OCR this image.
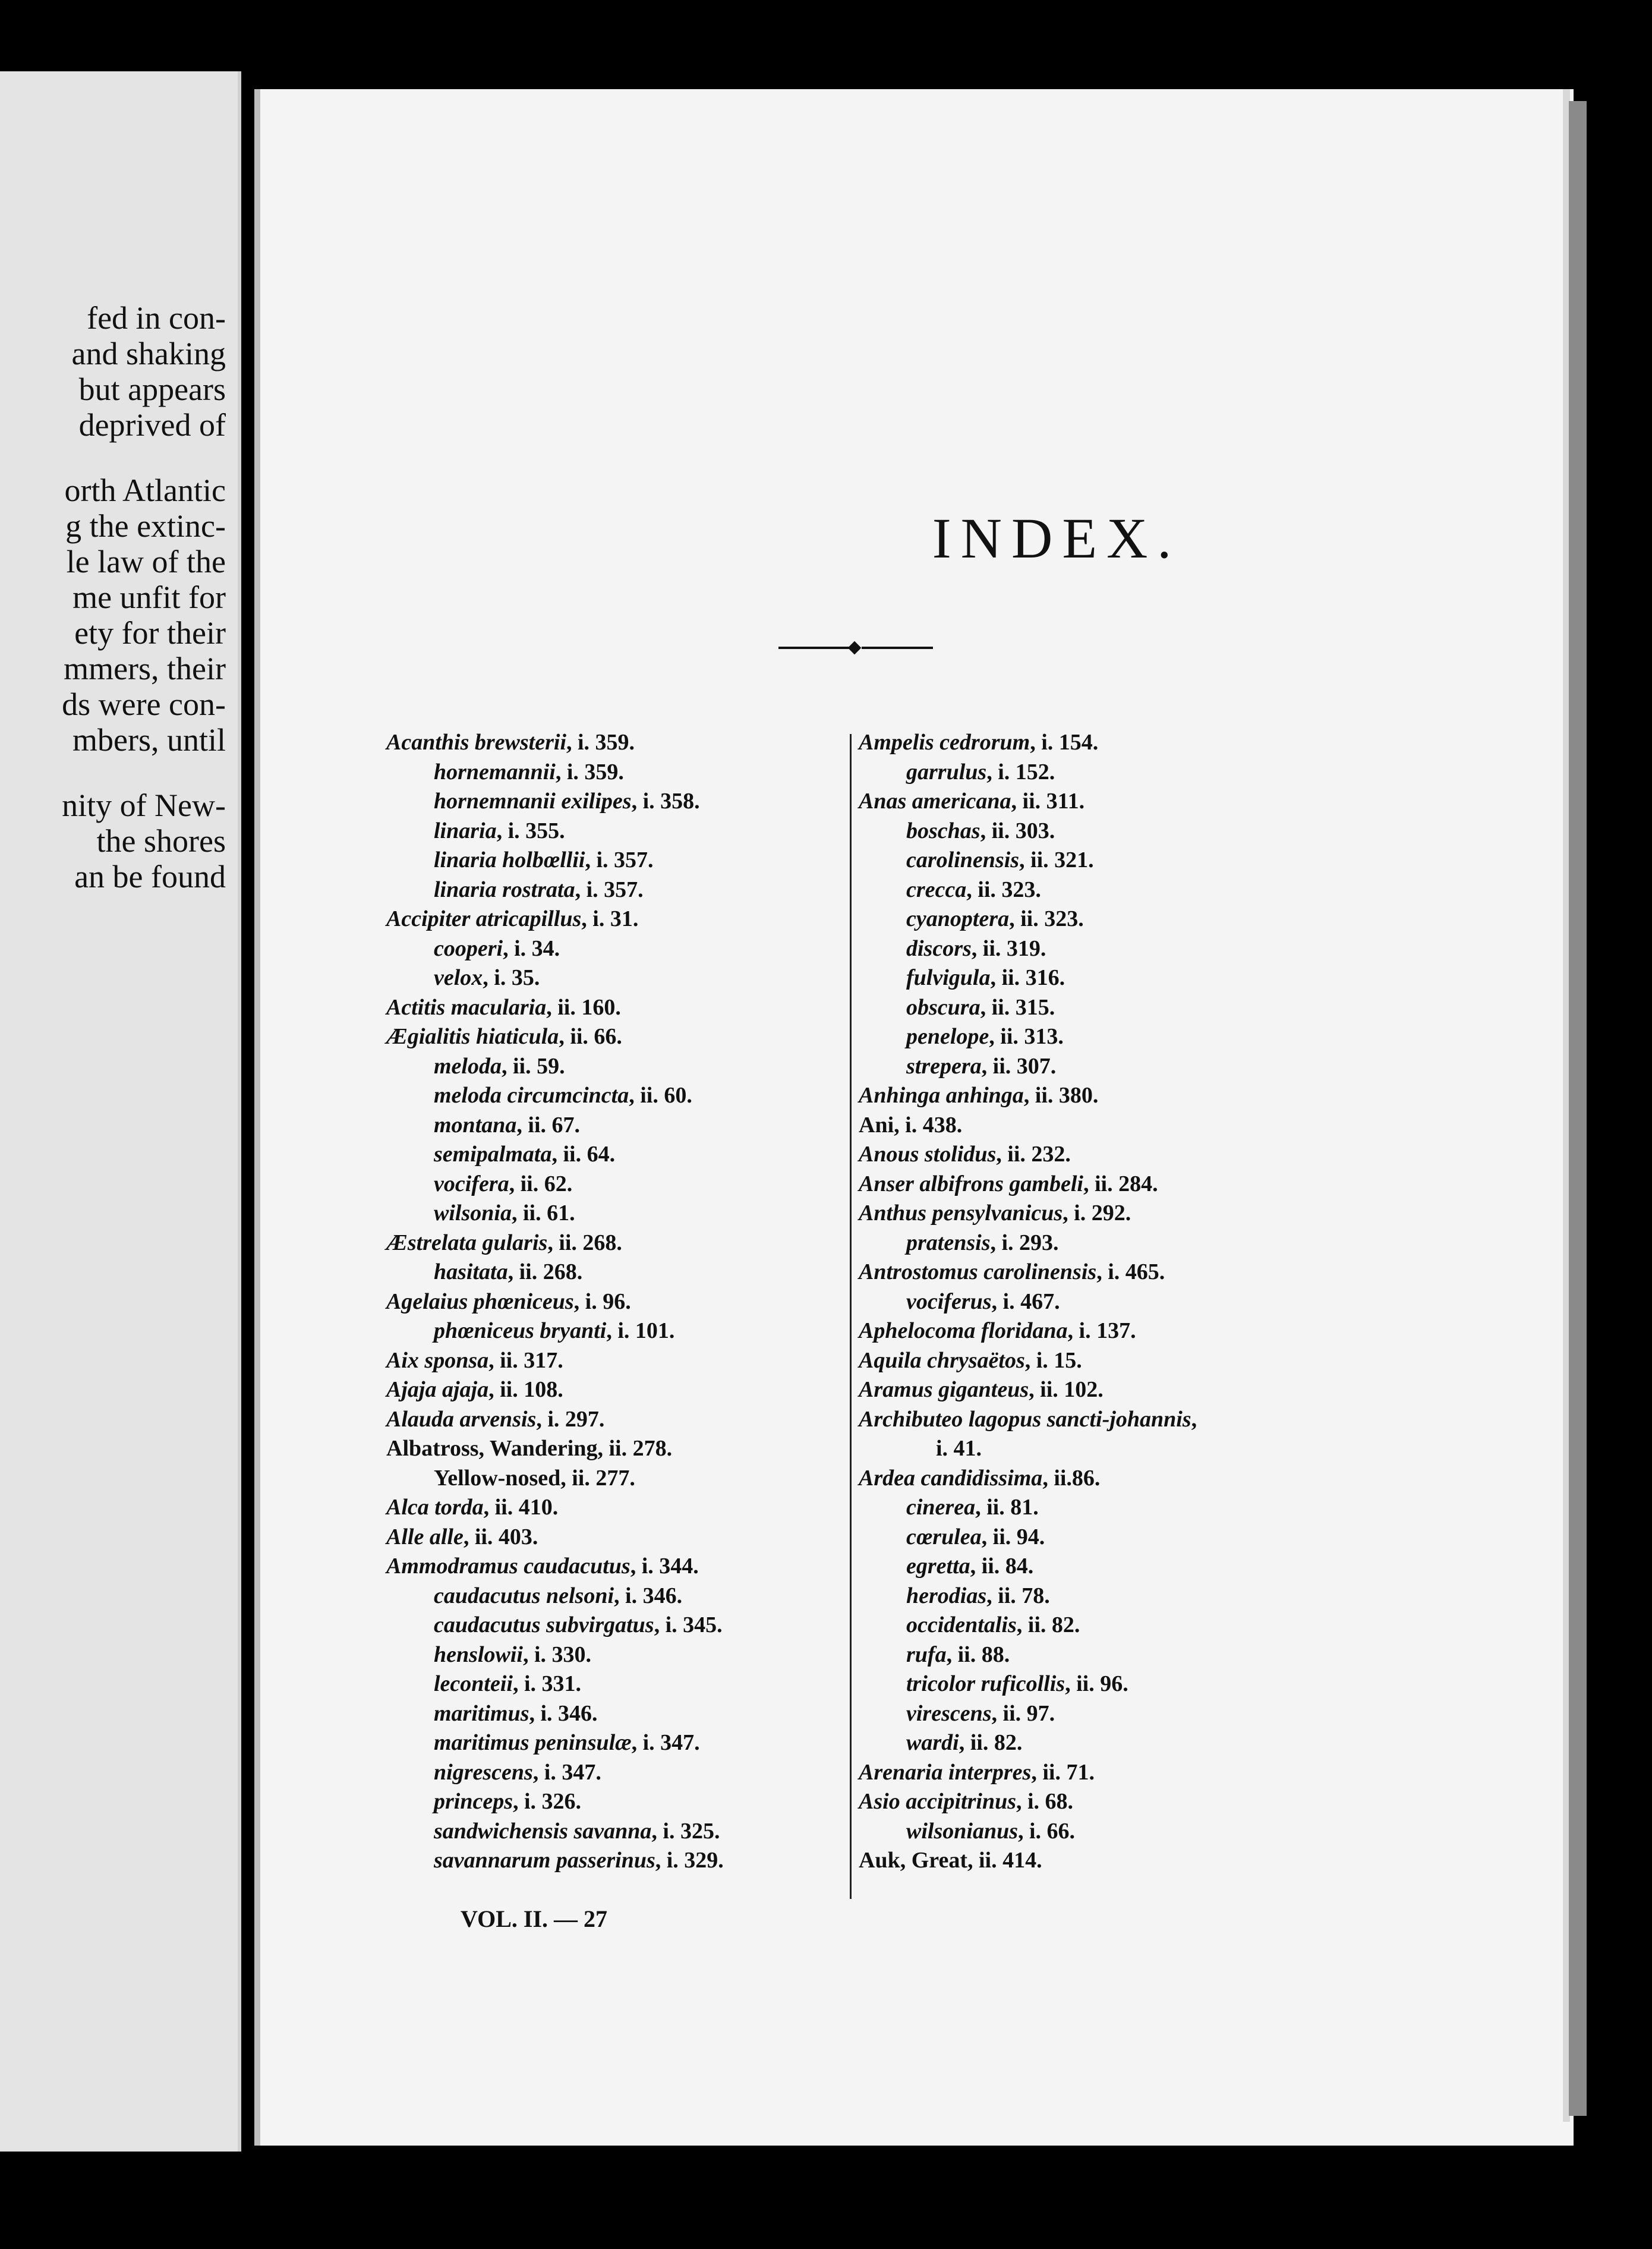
fed in con-
and shaking
but appears
deprived of
orth Atlantic
g the extinc-
le law of the
me unfit for
ety for their
mmers, their
ds were con-
mbers, until
nity of New-
the shores
an be found
INDEX.
Acanthis brewsterii, i. 359.
hornemannii, i. 359.
hornemnanii exilipes, i. 358.
linaria, i. 355.
linaria holbœllii, i. 357.
linaria rostrata, i. 357.
Accipiter atricapillus, i. 31.
cooperi, i. 34.
velox, i. 35.
Actitis macularia, ii. 160.
Ægialitis hiaticula, ii. 66.
meloda, ii. 59.
meloda circumcincta, ii. 60.
montana, ii. 67.
semipalmata, ii. 64.
vocifera, ii. 62.
wilsonia, ii. 61.
Æstrelata gularis, ii. 268.
hasitata, ii. 268.
Agelaius phœniceus, i. 96.
phœniceus bryanti, i. 101.
Aix sponsa, ii. 317.
Ajaja ajaja, ii. 108.
Alauda arvensis, i. 297.
Albatross, Wandering, ii. 278.
Yellow-nosed, ii. 277.
Alca torda, ii. 410.
Alle alle, ii. 403.
Ammodramus caudacutus, i. 344.
caudacutus nelsoni, i. 346.
caudacutus subvirgatus, i. 345.
henslowii, i. 330.
leconteii, i. 331.
maritimus, i. 346.
maritimus peninsulæ, i. 347.
nigrescens, i. 347.
princeps, i. 326.
sandwichensis savanna, i. 325.
savannarum passerinus, i. 329.
Ampelis cedrorum, i. 154.
garrulus, i. 152.
Anas americana, ii. 311.
boschas, ii. 303.
carolinensis, ii. 321.
crecca, ii. 323.
cyanoptera, ii. 323.
discors, ii. 319.
fulvigula, ii. 316.
obscura, ii. 315.
penelope, ii. 313.
strepera, ii. 307.
Anhinga anhinga, ii. 380.
Ani, i. 438.
Anous stolidus, ii. 232.
Anser albifrons gambeli, ii. 284.
Anthus pensylvanicus, i. 292.
pratensis, i. 293.
Antrostomus carolinensis, i. 465.
vociferus, i. 467.
Aphelocoma floridana, i. 137.
Aquila chrysaëtos, i. 15.
Aramus giganteus, ii. 102.
Archibuteo lagopus sancti-johannis,
i. 41.
Ardea candidissima, ii.86.
cinerea, ii. 81.
cœrulea, ii. 94.
egretta, ii. 84.
herodias, ii. 78.
occidentalis, ii. 82.
rufa, ii. 88.
tricolor ruficollis, ii. 96.
virescens, ii. 97.
wardi, ii. 82.
Arenaria interpres, ii. 71.
Asio accipitrinus, i. 68.
wilsonianus, i. 66.
Auk, Great, ii. 414.
VOL. II. — 27
